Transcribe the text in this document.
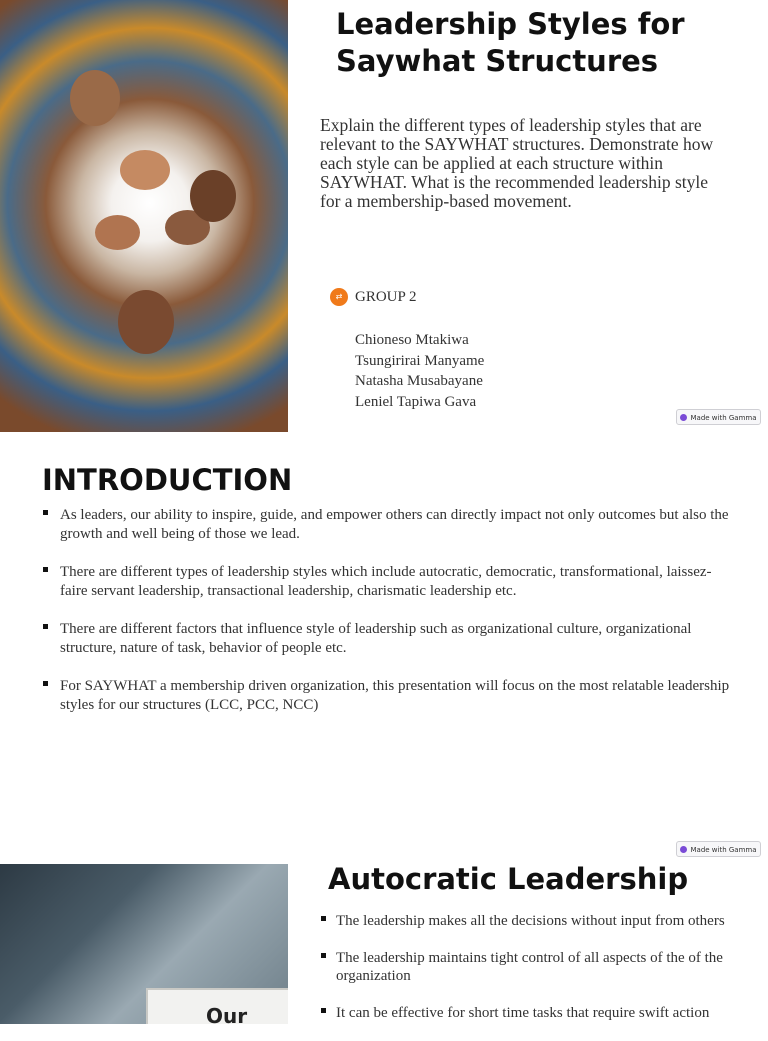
Leadership Styles for Saywhat Structures

Explain the different types of leadership styles that are relevant to the SAYWHAT structures. Demonstrate how each style can be applied at each structure within SAYWHAT. What is the recommended leadership style for a membership-based movement.

⇄ GROUP 2
Chioneso Mtakiwa
Tsungirirai Manyame
Natasha Musabayane
Leniel Tapiwa Gava
Made with Gamma
INTRODUCTION
As leaders, our ability to inspire, guide, and empower others can directly impact not only outcomes but also the growth and well being of those we lead.
There are different types of leadership styles which include autocratic, democratic, transformational, laissez-faire servant leadership, transactional leadership, charismatic leadership etc.
There are different factors that influence style of leadership such as organizational culture, organizational structure, nature of task, behavior of people etc.
For SAYWHAT a membership driven organization, this presentation will focus on the most relatable leadership styles for our structures (LCC, PCC, NCC)
Made with Gamma
Our
Autocratic Leadership
The leadership makes all the decisions without input from others
The leadership maintains tight control of all aspects of the of the organization
It can be effective for short time tasks that require swift action
